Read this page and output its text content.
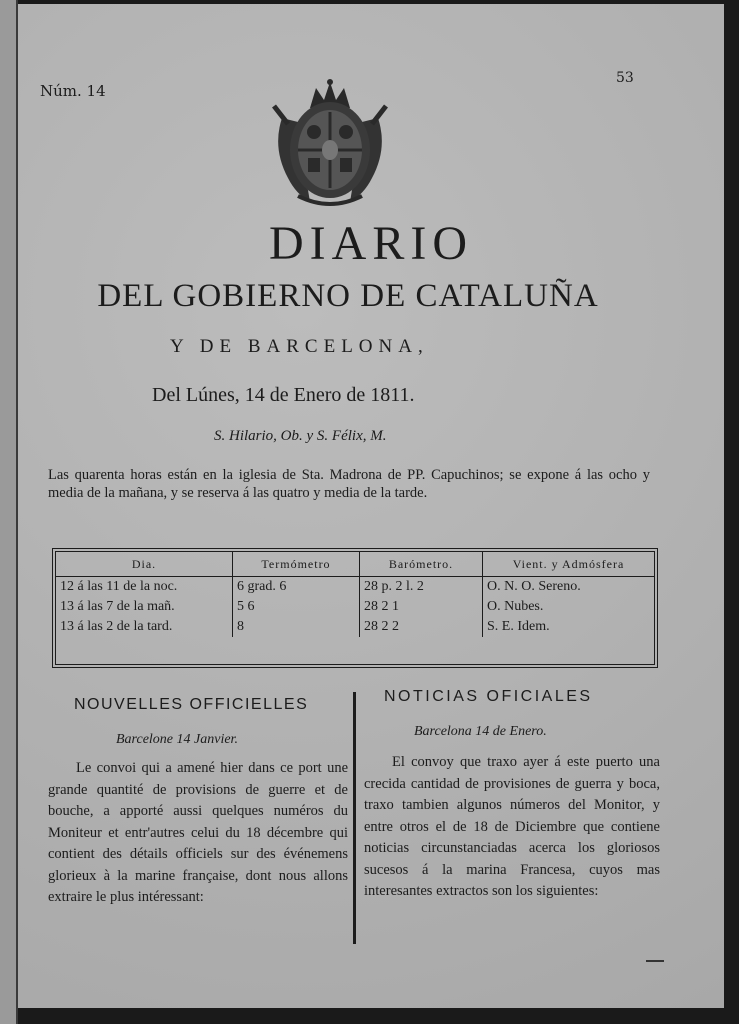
Núm. 14
53
DIARIO
DEL GOBIERNO DE CATALUÑA
Y DE BARCELONA,
Del Lúnes, 14 de Enero de 1811.
S. Hilario, Ob. y S. Félix, M.
Las quarenta horas están en la iglesia de Sta. Madrona de PP. Capuchinos; se expone á las ocho y media de la mañana, y se reserva á las quatro y media de la tarde.
Dia.	Termómetro	Barómetro.	Vient. y Admósfera
12 á las 11 de la noc.	6 grad. 6	28 p. 2 l. 2	O. N. O. Sereno.
13 á las 7 de la mañ.	5 6	28 2 1	O. Nubes.
13 á las 2 de la tard.	8	28 2 2	S. E. Idem.
NOUVELLES OFFICIELLES
Barcelone 14 Janvier.

Le convoi qui a amené hier dans ce port une grande quantité de provisions de guerre et de bouche, a apporté aussi quelques numéros du Moniteur et entr'autres celui du 18 décembre qui contient des détails officiels sur des événemens glorieux à la marine française, dont nous allons extraire le plus intéressant:

NOTICIAS OFICIALES
Barcelona 14 de Enero.

El convoy que traxo ayer á este puerto una crecida cantidad de provisiones de guerra y boca, traxo tambien algunos números del Monitor, y entre otros el de 18 de Diciembre que contiene noticias circunstanciadas acerca los gloriosos sucesos á la marina Francesa, cuyos mas interesantes extractos son los siguientes:
